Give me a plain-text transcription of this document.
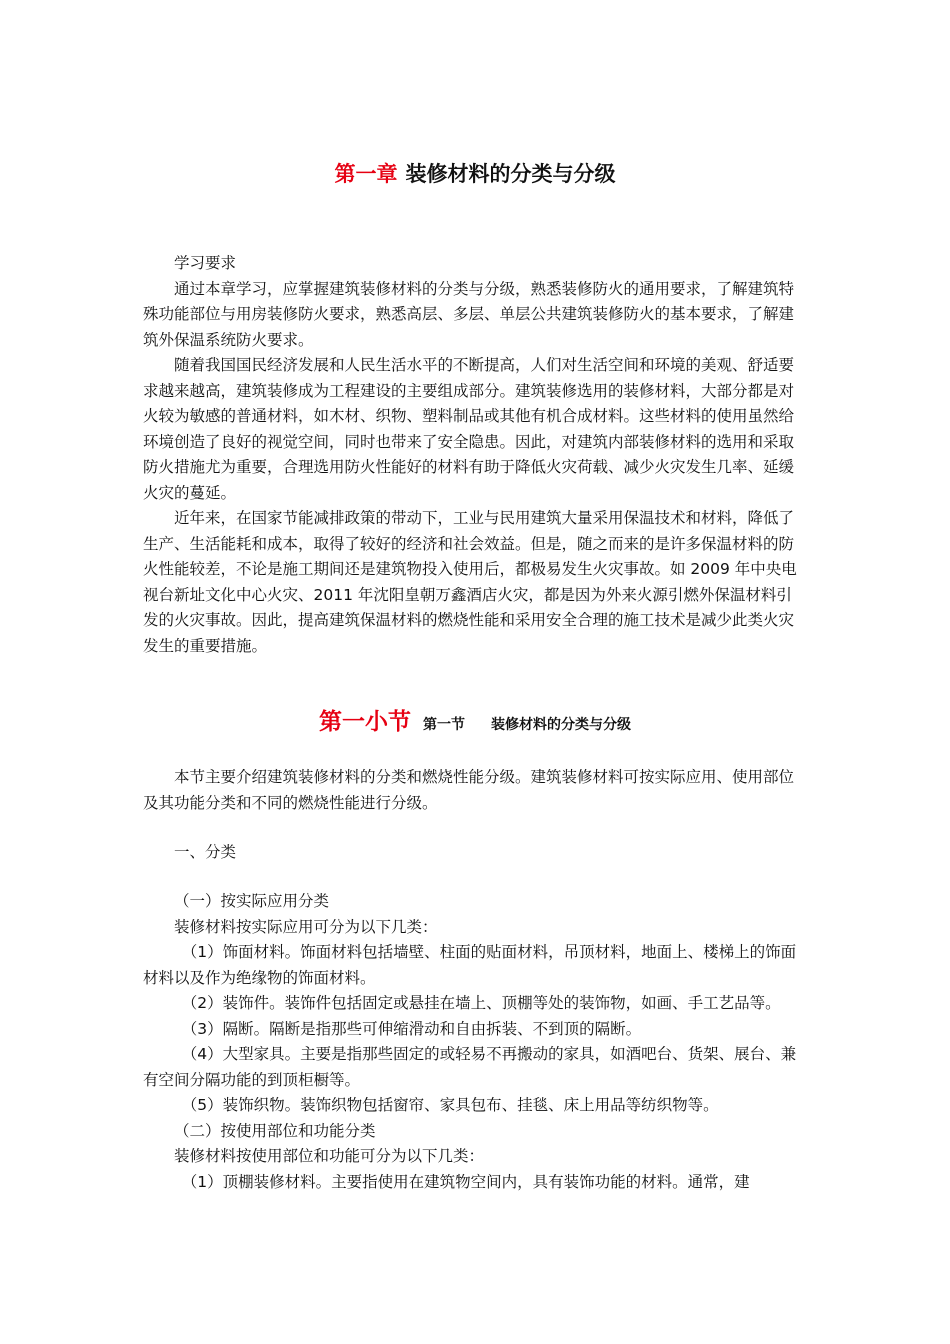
第一章 装修材料的分类与分级

学习要求

通过本章学习，应掌握建筑装修材料的分类与分级，熟悉装修防火的通用要求，了解建筑特殊功能部位与用房装修防火要求，熟悉高层、多层、单层公共建筑装修防火的基本要求，了解建筑外保温系统防火要求。

随着我国国民经济发展和人民生活水平的不断提高，人们对生活空间和环境的美观、舒适要求越来越高，建筑装修成为工程建设的主要组成部分。建筑装修选用的装修材料，大部分都是对火较为敏感的普通材料，如木材、织物、塑料制品或其他有机合成材料。这些材料的使用虽然给环境创造了良好的视觉空间，同时也带来了安全隐患。因此，对建筑内部装修材料的选用和采取防火措施尤为重要，合理选用防火性能好的材料有助于降低火灾荷载、减少火灾发生几率、延缓火灾的蔓延。

近年来，在国家节能减排政策的带动下，工业与民用建筑大量采用保温技术和材料，降低了生产、生活能耗和成本，取得了较好的经济和社会效益。但是，随之而来的是许多保温材料的防火性能较差，不论是施工期间还是建筑物投入使用后，都极易发生火灾事故。如 2009 年中央电视台新址文化中心火灾、2011 年沈阳皇朝万鑫酒店火灾，都是因为外来火源引燃外保温材料引发的火灾事故。因此，提高建筑保温材料的燃烧性能和采用安全合理的施工技术是减少此类火灾发生的重要措施。

第一小节 第一节 装修材料的分类与分级

本节主要介绍建筑装修材料的分类和燃烧性能分级。建筑装修材料可按实际应用、使用部位及其功能分类和不同的燃烧性能进行分级。

一、分类

（一）按实际应用分类

装修材料按实际应用可分为以下几类：

（1）饰面材料。饰面材料包括墙壁、柱面的贴面材料，吊顶材料，地面上、楼梯上的饰面材料以及作为绝缘物的饰面材料。

（2）装饰件。装饰件包括固定或悬挂在墙上、顶棚等处的装饰物，如画、手工艺品等。

（3）隔断。隔断是指那些可伸缩滑动和自由拆装、不到顶的隔断。

（4）大型家具。主要是指那些固定的或轻易不再搬动的家具，如酒吧台、货架、展台、兼有空间分隔功能的到顶柜橱等。

（5）装饰织物。装饰织物包括窗帘、家具包布、挂毯、床上用品等纺织物等。

（二）按使用部位和功能分类

装修材料按使用部位和功能可分为以下几类：

（1）顶棚装修材料。主要指使用在建筑物空间内，具有装饰功能的材料。通常，建
